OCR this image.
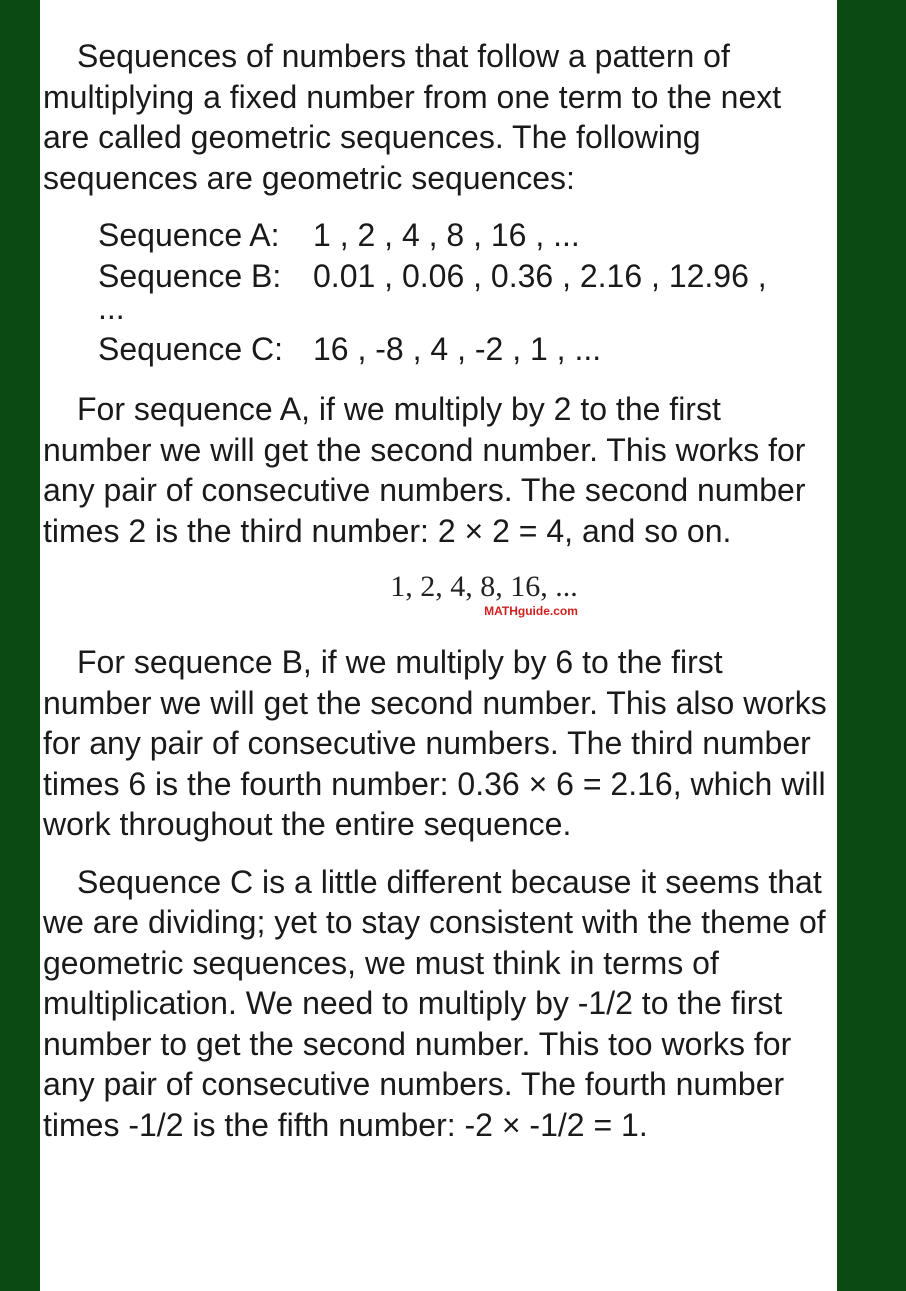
Sequences of numbers that follow a pattern of multiplying a fixed number from one term to the next are called geometric sequences. The following sequences are geometric sequences:

Sequence A:	1 , 2 , 4 , 8 , 16 , ...
Sequence B: 0.01 , 0.06 , 0.36 , 2.16 , 12.96 ,
...
Sequence C: 16 , -8 , 4 , -2 , 1 , ...

For sequence A, if we multiply by 2 to the first number we will get the second number. This works for any pair of consecutive numbers. The second number times 2 is the third number: 2 × 2 = 4, and so on.

1, 2, 4, 8, 16, ...
MATHguide.com

For sequence B, if we multiply by 6 to the first number we will get the second number. This also works for any pair of consecutive numbers. The third number times 6 is the fourth number: 0.36 × 6 = 2.16, which will work throughout the entire sequence.

Sequence C is a little different because it seems that we are dividing; yet to stay consistent with the theme of geometric sequences, we must think in terms of multiplication. We need to multiply by -1/2 to the first number to get the second number. This too works for any pair of consecutive numbers. The fourth number times -1/2 is the fifth number: -2 × -1/2 = 1.
